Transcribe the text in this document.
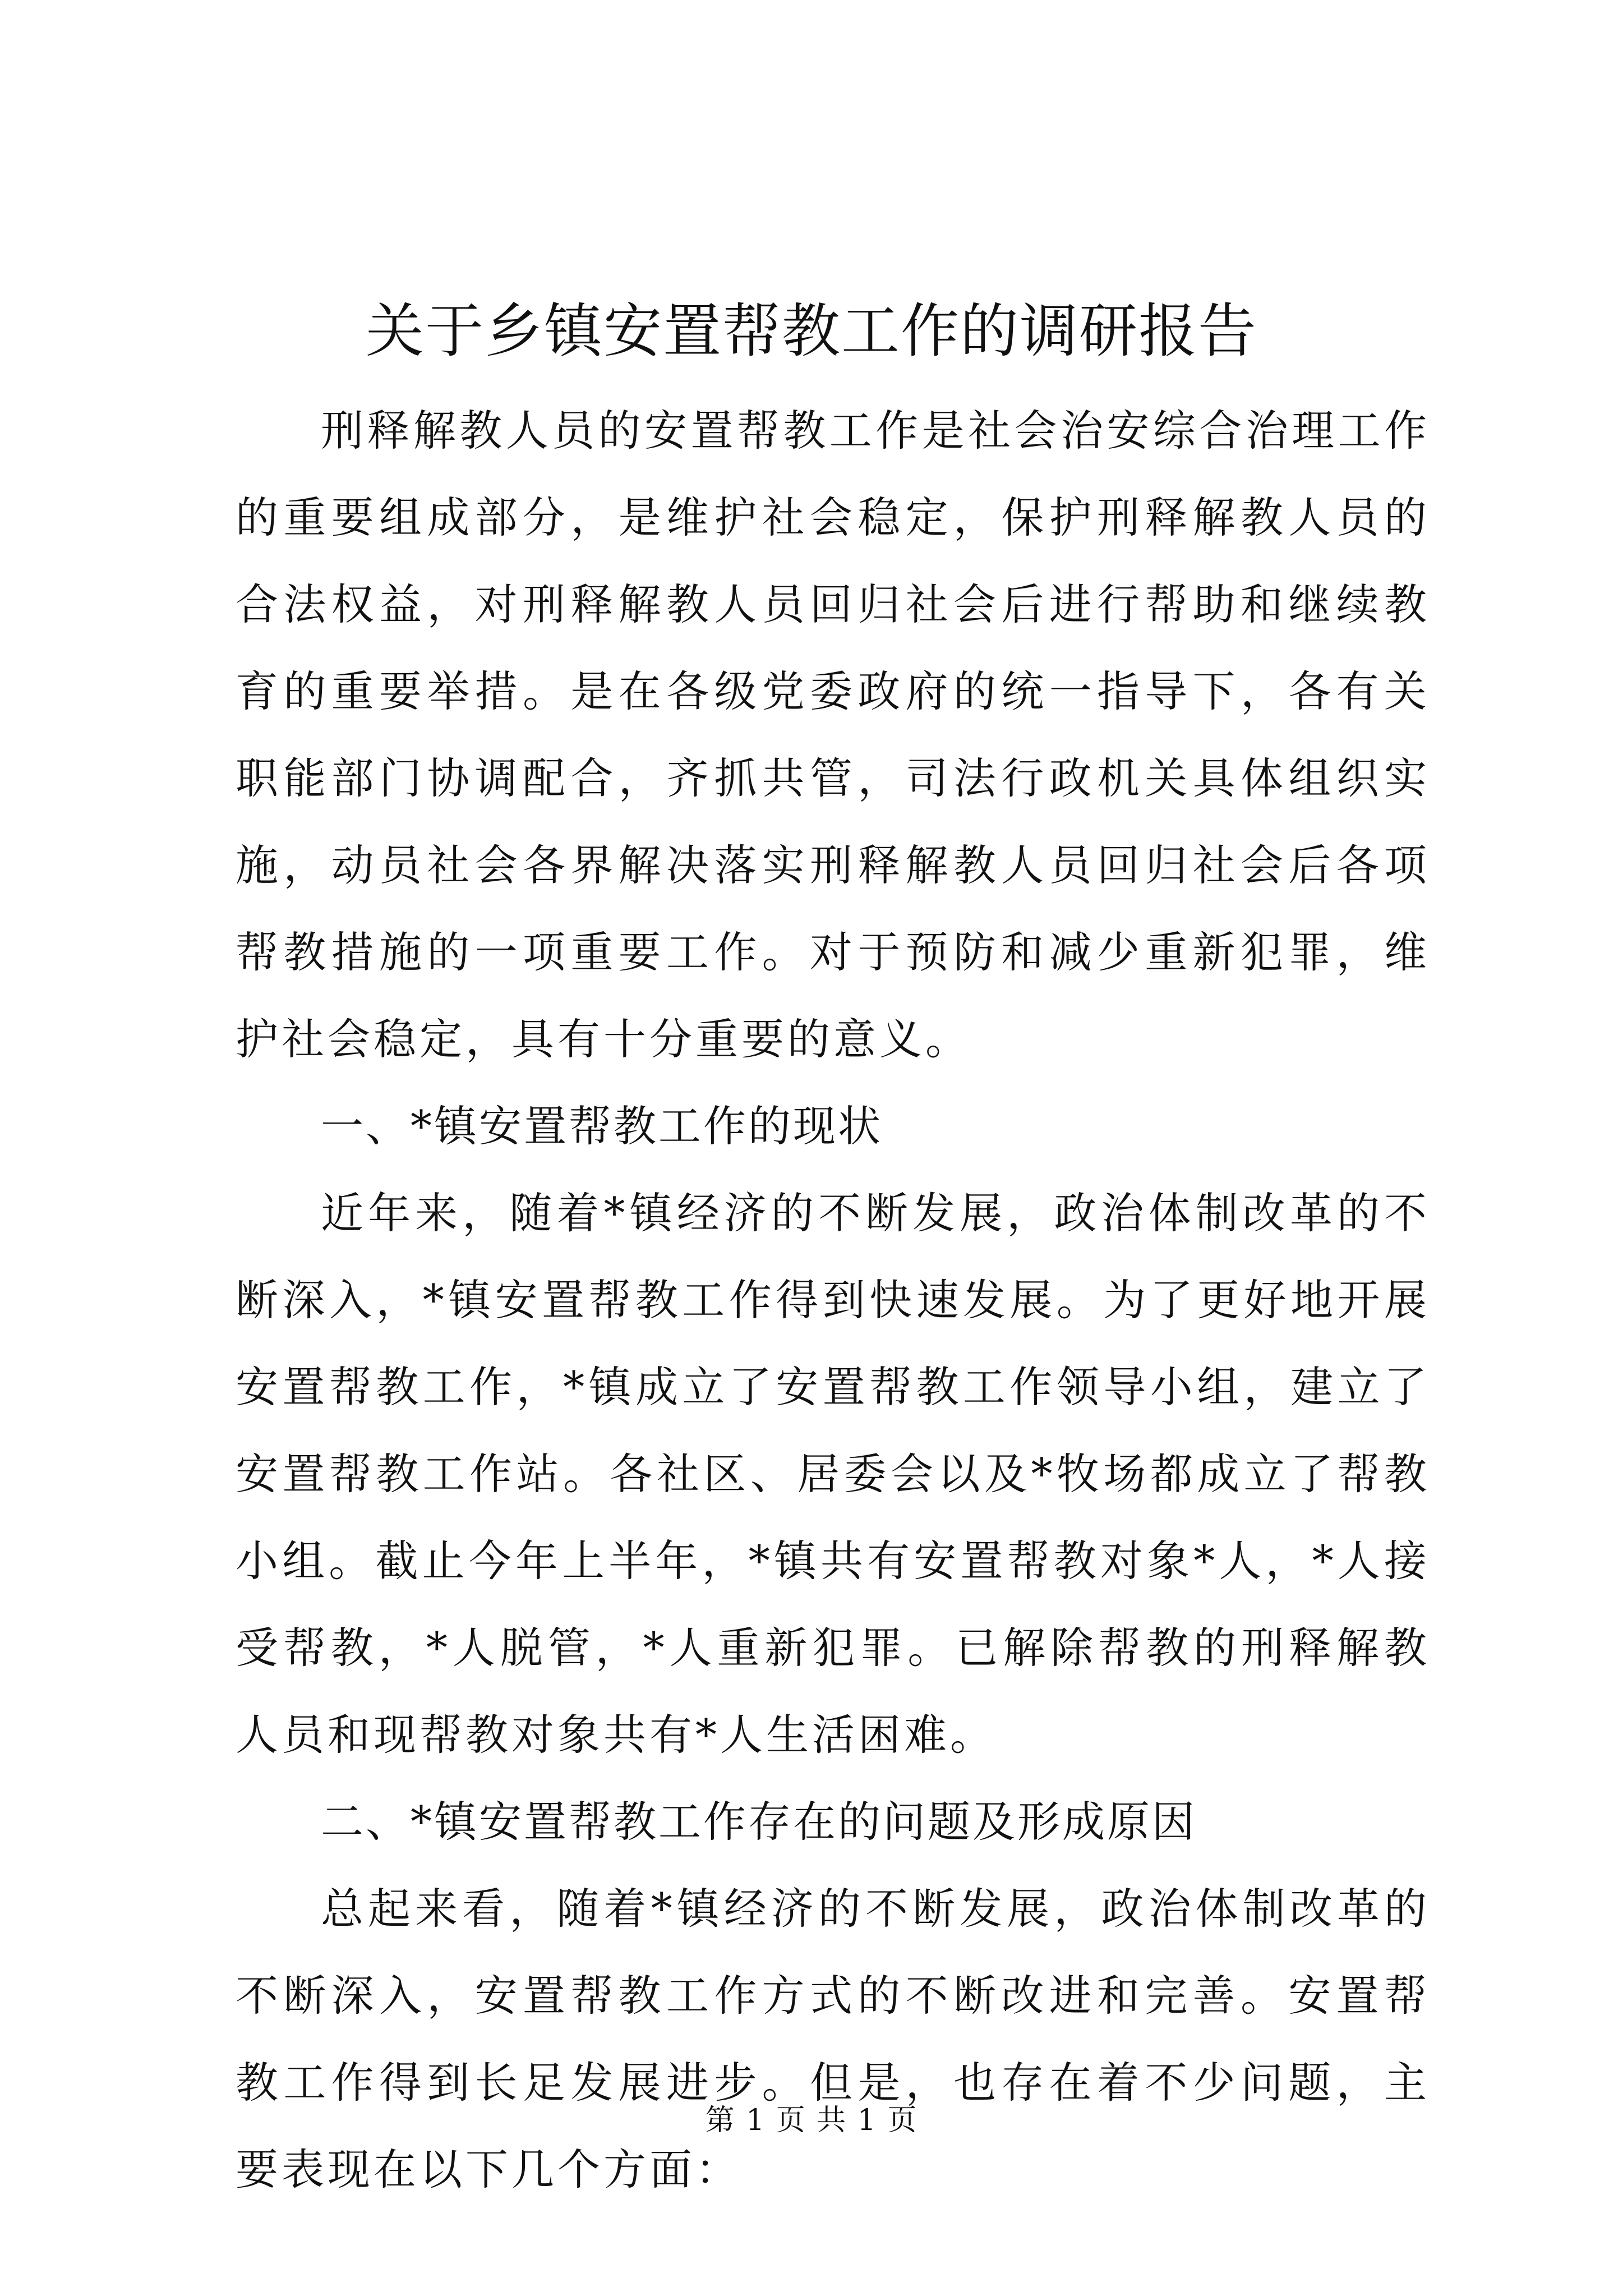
关于乡镇安置帮教工作的调研报告

刑释解教人员的安置帮教工作是社会治安综合治理工作的重要组成部分，是维护社会稳定，保护刑释解教人员的合法权益，对刑释解教人员回归社会后进行帮助和继续教育的重要举措。是在各级党委政府的统一指导下，各有关职能部门协调配合，齐抓共管，司法行政机关具体组织实施，动员社会各界解决落实刑释解教人员回归社会后各项帮教措施的一项重要工作。对于预防和减少重新犯罪，维护社会稳定，具有十分重要的意义。

一、*镇安置帮教工作的现状

近年来，随着*镇经济的不断发展，政治体制改革的不断深入，*镇安置帮教工作得到快速发展。为了更好地开展安置帮教工作，*镇成立了安置帮教工作领导小组，建立了安置帮教工作站。各社区、居委会以及*牧场都成立了帮教小组。截止今年上半年，*镇共有安置帮教对象*人，*人接受帮教，*人脱管，*人重新犯罪。已解除帮教的刑释解教人员和现帮教对象共有*人生活困难。

二、*镇安置帮教工作存在的问题及形成原因

总起来看，随着*镇经济的不断发展，政治体制改革的不断深入，安置帮教工作方式的不断改进和完善。安置帮教工作得到长足发展进步。但是，也存在着不少问题，主要表现在以下几个方面：

第 1 页 共 1 页
